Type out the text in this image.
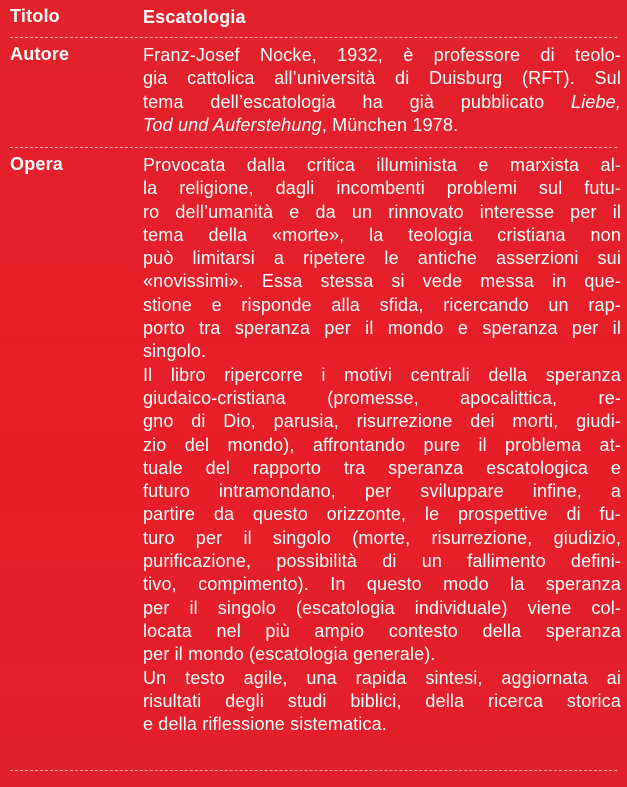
Titolo	Escatologia
Autore	Franz-Josef Nocke, 1932, è professore di teolo-
gia cattolica all’università di Duisburg (RFT). Sul
tema dell’escatologia ha già pubblicato Liebe,
Tod und Auferstehung, München 1978.
Opera	Provocata dalla critica illuminista e marxista al-
la religione, dagli incombenti problemi sul futu-
ro dell’umanità e da un rinnovato interesse per il
tema della «morte», la teologia cristiana non
può limitarsi a ripetere le antiche asserzioni sui
«novissimi». Essa stessa si vede messa in que-
stione e risponde alla sfida, ricercando un rap-
porto tra speranza per il mondo e speranza per il
singolo.
Il libro ripercorre i motivi centrali della speranza
giudaico-cristiana (promesse, apocalittica, re-
gno di Dio, parusia, risurrezione dei morti, giudi-
zio del mondo), affrontando pure il problema at-
tuale del rapporto tra speranza escatologica e
futuro intramondano, per sviluppare infine, a
partire da questo orizzonte, le prospettive di fu-
turo per il singolo (morte, risurrezione, giudizio,
purificazione, possibilità di un fallimento defini-
tivo, compimento). In questo modo la speranza
per il singolo (escatologia individuale) viene col-
locata nel più ampio contesto della speranza
per il mondo (escatologia generale).
Un testo agile, una rapida sintesi, aggiornata ai
risultati degli studi biblici, della ricerca storica
e della riflessione sistematica.
